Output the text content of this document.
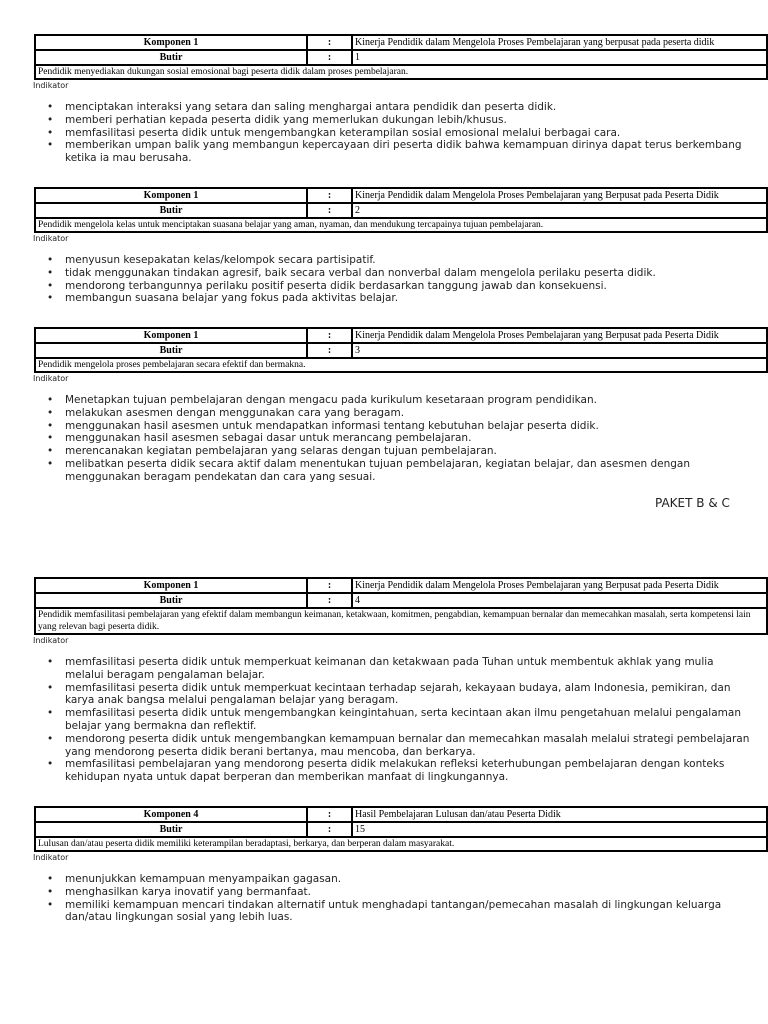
Komponen 1	:	Kinerja Pendidik dalam Mengelola Proses Pembelajaran yang berpusat pada peserta didik
Butir	:	1
Pendidik menyediakan dukungan sosial emosional bagi peserta didik dalam proses pembelajaran.
Indikator
• menciptakan interaksi yang setara dan saling menghargai antara pendidik dan peserta didik.
• memberi perhatian kepada peserta didik yang memerlukan dukungan lebih/khusus.
• memfasilitasi peserta didik untuk mengembangkan keterampilan sosial emosional melalui berbagai cara.
• memberikan umpan balik yang membangun kepercayaan diri peserta didik bahwa kemampuan dirinya dapat terus berkembang ketika ia mau berusaha.
Komponen 1	:	Kinerja Pendidik dalam Mengelola Proses Pembelajaran yang Berpusat pada Peserta Didik
Butir	:	2
Pendidik mengelola kelas untuk menciptakan suasana belajar yang aman, nyaman, dan mendukung tercapainya tujuan pembelajaran.
Indikator
• menyusun kesepakatan kelas/kelompok secara partisipatif.
• tidak menggunakan tindakan agresif, baik secara verbal dan nonverbal dalam mengelola perilaku peserta didik.
• mendorong terbangunnya perilaku positif peserta didik berdasarkan tanggung jawab dan konsekuensi.
• membangun suasana belajar yang fokus pada aktivitas belajar.
Komponen 1	:	Kinerja Pendidik dalam Mengelola Proses Pembelajaran yang Berpusat pada Peserta Didik
Butir	:	3
Pendidik mengelola proses pembelajaran secara efektif dan bermakna.
Indikator
• Menetapkan tujuan pembelajaran dengan mengacu pada kurikulum kesetaraan program pendidikan.
• melakukan asesmen dengan menggunakan cara yang beragam.
• menggunakan hasil asesmen untuk mendapatkan informasi tentang kebutuhan belajar peserta didik.
• menggunakan hasil asesmen sebagai dasar untuk merancang pembelajaran.
• merencanakan kegiatan pembelajaran yang selaras dengan tujuan pembelajaran.
• melibatkan peserta didik secara aktif dalam menentukan tujuan pembelajaran, kegiatan belajar, dan asesmen dengan menggunakan beragam pendekatan dan cara yang sesuai.
PAKET B & C
Komponen 1	:	Kinerja Pendidik dalam Mengelola Proses Pembelajaran yang Berpusat pada Peserta Didik
Butir	:	4
Pendidik memfasilitasi pembelajaran yang efektif dalam membangun keimanan, ketakwaan, komitmen, pengabdian, kemampuan bernalar dan memecahkan masalah, serta kompetensi lain yang relevan bagi peserta didik.
Indikator
• memfasilitasi peserta didik untuk memperkuat keimanan dan ketakwaan pada Tuhan untuk membentuk akhlak yang mulia melalui beragam pengalaman belajar.
• memfasilitasi peserta didik untuk memperkuat kecintaan terhadap sejarah, kekayaan budaya, alam Indonesia, pemikiran, dan karya anak bangsa melalui pengalaman belajar yang beragam.
• memfasilitasi peserta didik untuk mengembangkan keingintahuan, serta kecintaan akan ilmu pengetahuan melalui pengalaman belajar yang bermakna dan reflektif.
• mendorong peserta didik untuk mengembangkan kemampuan bernalar dan memecahkan masalah melalui strategi pembelajaran yang mendorong peserta didik berani bertanya, mau mencoba, dan berkarya.
• memfasilitasi pembelajaran yang mendorong peserta didik melakukan refleksi keterhubungan pembelajaran dengan konteks kehidupan nyata untuk dapat berperan dan memberikan manfaat di lingkungannya.
Komponen 4	:	Hasil Pembelajaran Lulusan dan/atau Peserta Didik
Butir	:	15
Lulusan dan/atau peserta didik memiliki keterampilan beradaptasi, berkarya, dan berperan dalam masyarakat.
Indikator
• menunjukkan kemampuan menyampaikan gagasan.
• menghasilkan karya inovatif yang bermanfaat.
• memiliki kemampuan mencari tindakan alternatif untuk menghadapi tantangan/pemecahan masalah di lingkungan keluarga dan/atau lingkungan sosial yang lebih luas.
